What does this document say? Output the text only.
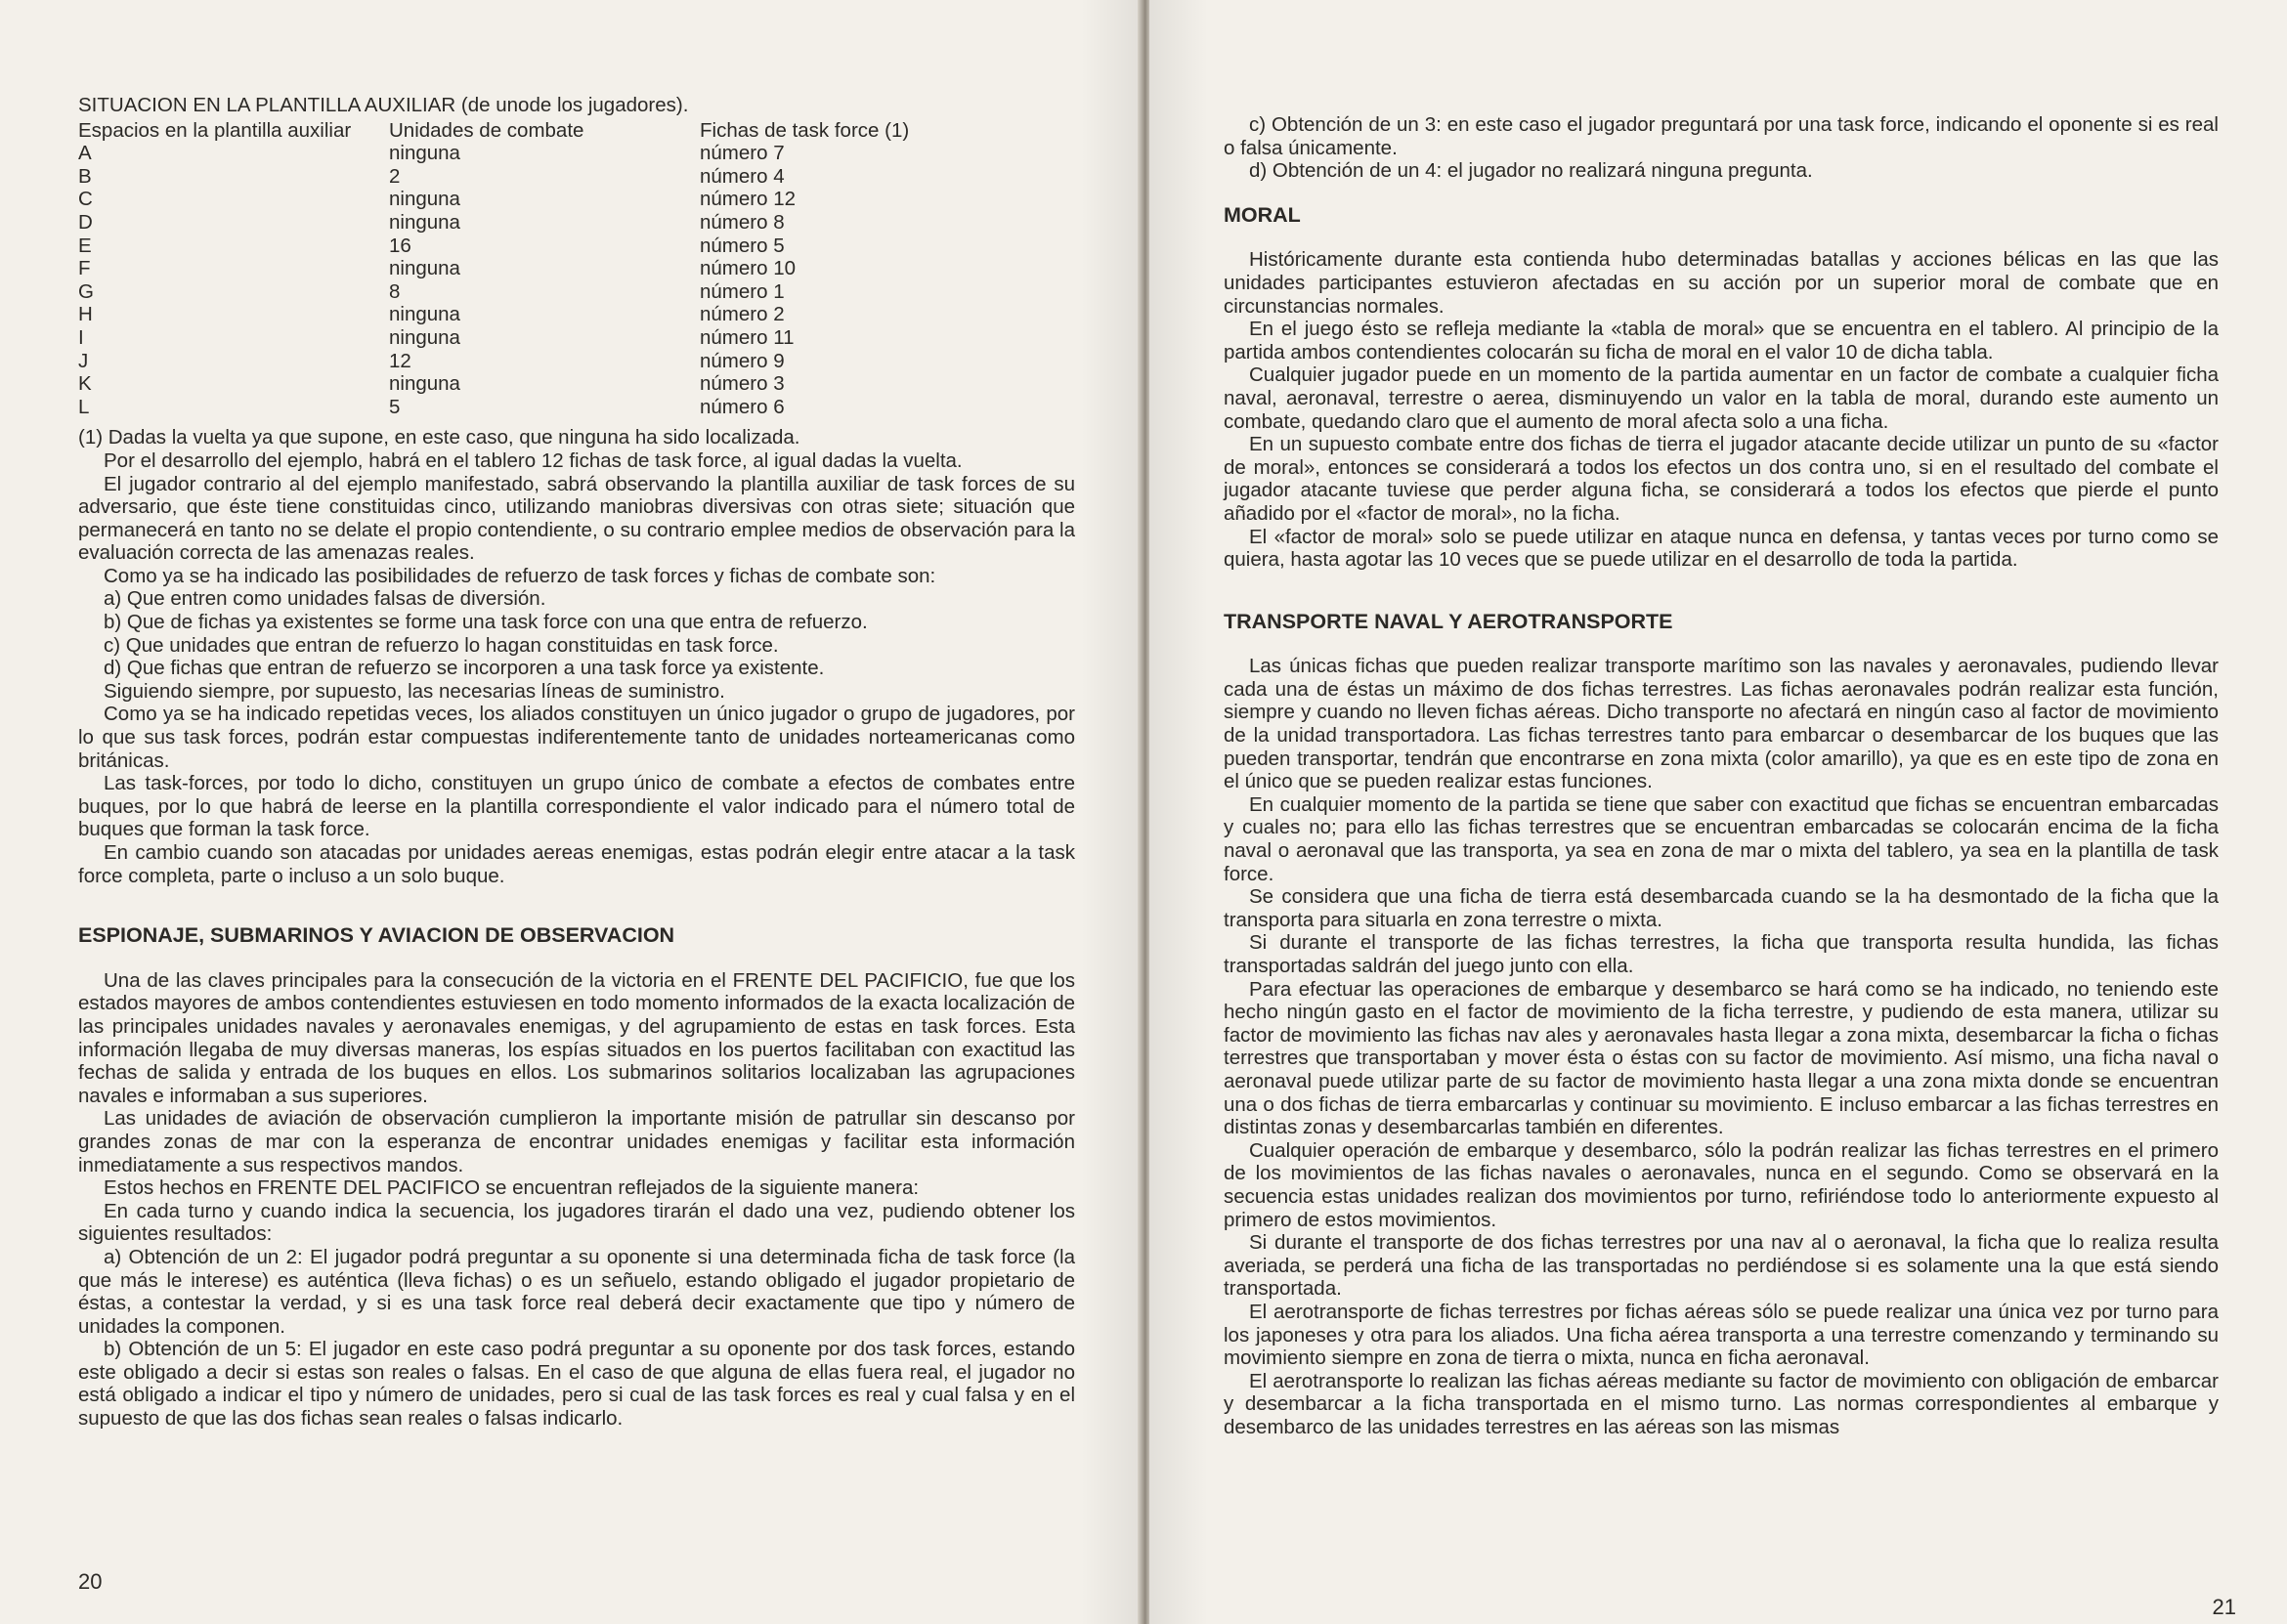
SITUACION EN LA PLANTILLA AUXILIAR (de unode los jugadores).

Espacios en la plantilla auxiliar	Unidades de combate	Fichas de task force (1)
A	ninguna	número 7
B	2	número 4
C	ninguna	número 12
D	ninguna	número 8
E	16	número 5
F	ninguna	número 10
G	8	número 1
H	ninguna	número 2
I	ninguna	número 11
J	12	número 9
K	ninguna	número 3
L	5	número 6

(1) Dadas la vuelta ya que supone, en este caso, que ninguna ha sido localizada.

Por el desarrollo del ejemplo, habrá en el tablero 12 fichas de task force, al igual dadas la vuelta.

El jugador contrario al del ejemplo manifestado, sabrá observando la plantilla auxiliar de task forces de su adversario, que éste tiene constituidas cinco, utilizando maniobras diversivas con otras siete; situación que permanecerá en tanto no se delate el propio contendiente, o su contrario emplee medios de observación para la evaluación correcta de las amenazas reales.

Como ya se ha indicado las posibilidades de refuerzo de task forces y fichas de combate son:

a) Que entren como unidades falsas de diversión.

b) Que de fichas ya existentes se forme una task force con una que entra de refuerzo.

c) Que unidades que entran de refuerzo lo hagan constituidas en task force.

d) Que fichas que entran de refuerzo se incorporen a una task force ya existente.

Siguiendo siempre, por supuesto, las necesarias líneas de suministro.

Como ya se ha indicado repetidas veces, los aliados constituyen un único jugador o grupo de jugadores, por lo que sus task forces, podrán estar compuestas indiferentemente tanto de unidades norteamericanas como británicas.

Las task-forces, por todo lo dicho, constituyen un grupo único de combate a efectos de combates entre buques, por lo que habrá de leerse en la plantilla correspondiente el valor indicado para el número total de buques que forman la task force.

En cambio cuando son atacadas por unidades aereas enemigas, estas podrán elegir entre atacar a la task force completa, parte o incluso a un solo buque.

ESPIONAJE, SUBMARINOS Y AVIACION DE OBSERVACION

Una de las claves principales para la consecución de la victoria en el FRENTE DEL PACIFICIO, fue que los estados mayores de ambos contendientes estuviesen en todo momento informados de la exacta localización de las principales unidades navales y aeronavales enemigas, y del agrupamiento de estas en task forces. Esta información llegaba de muy diversas maneras, los espías situados en los puertos facilitaban con exactitud las fechas de salida y entrada de los buques en ellos. Los submarinos solitarios localizaban las agrupaciones navales e informaban a sus superiores.

Las unidades de aviación de observación cumplieron la importante misión de patrullar sin descanso por grandes zonas de mar con la esperanza de encontrar unidades enemigas y facilitar esta información inmediatamente a sus respectivos mandos.

Estos hechos en FRENTE DEL PACIFICO se encuentran reflejados de la siguiente manera:

En cada turno y cuando indica la secuencia, los jugadores tirarán el dado una vez, pudiendo obtener los siguientes resultados:

a) Obtención de un 2: El jugador podrá preguntar a su oponente si una determinada ficha de task force (la que más le interese) es auténtica (lleva fichas) o es un señuelo, estando obligado el jugador propietario de éstas, a contestar la verdad, y si es una task force real deberá decir exactamente que tipo y número de unidades la componen.

b) Obtención de un 5: El jugador en este caso podrá preguntar a su oponente por dos task forces, estando este obligado a decir si estas son reales o falsas. En el caso de que alguna de ellas fuera real, el jugador no está obligado a indicar el tipo y número de unidades, pero si cual de las task forces es real y cual falsa y en el supuesto de que las dos fichas sean reales o falsas indicarlo.

20

c) Obtención de un 3: en este caso el jugador preguntará por una task force, indicando el oponente si es real o falsa únicamente.

d) Obtención de un 4: el jugador no realizará ninguna pregunta.

MORAL

Históricamente durante esta contienda hubo determinadas batallas y acciones bélicas en las que las unidades participantes estuvieron afectadas en su acción por un superior moral de combate que en circunstancias normales.

En el juego ésto se refleja mediante la «tabla de moral» que se encuentra en el tablero. Al principio de la partida ambos contendientes colocarán su ficha de moral en el valor 10 de dicha tabla.

Cualquier jugador puede en un momento de la partida aumentar en un factor de combate a cualquier ficha naval, aeronaval, terrestre o aerea, disminuyendo un valor en la tabla de moral, durando este aumento un combate, quedando claro que el aumento de moral afecta solo a una ficha.

En un supuesto combate entre dos fichas de tierra el jugador atacante decide utilizar un punto de su «factor de moral», entonces se considerará a todos los efectos un dos contra uno, si en el resultado del combate el jugador atacante tuviese que perder alguna ficha, se considerará a todos los efectos que pierde el punto añadido por el «factor de moral», no la ficha.

El «factor de moral» solo se puede utilizar en ataque nunca en defensa, y tantas veces por turno como se quiera, hasta agotar las 10 veces que se puede utilizar en el desarrollo de toda la partida.

TRANSPORTE NAVAL Y AEROTRANSPORTE

Las únicas fichas que pueden realizar transporte marítimo son las navales y aeronavales, pudiendo llevar cada una de éstas un máximo de dos fichas terrestres. Las fichas aeronavales podrán realizar esta función, siempre y cuando no lleven fichas aéreas. Dicho transporte no afectará en ningún caso al factor de movimiento de la unidad transportadora. Las fichas terrestres tanto para embarcar o desembarcar de los buques que las pueden transportar, tendrán que encontrarse en zona mixta (color amarillo), ya que es en este tipo de zona en el único que se pueden realizar estas funciones.

En cualquier momento de la partida se tiene que saber con exactitud que fichas se encuentran embarcadas y cuales no; para ello las fichas terrestres que se encuentran embarcadas se colocarán encima de la ficha naval o aeronaval que las transporta, ya sea en zona de mar o mixta del tablero, ya sea en la plantilla de task force.

Se considera que una ficha de tierra está desembarcada cuando se la ha desmontado de la ficha que la transporta para situarla en zona terrestre o mixta.

Si durante el transporte de las fichas terrestres, la ficha que transporta resulta hundida, las fichas transportadas saldrán del juego junto con ella.

Para efectuar las operaciones de embarque y desembarco se hará como se ha indicado, no teniendo este hecho ningún gasto en el factor de movimiento de la ficha terrestre, y pudiendo de esta manera, utilizar su factor de movimiento las fichas nav ales y aeronavales hasta llegar a zona mixta, desembarcar la ficha o fichas terrestres que transportaban y mover ésta o éstas con su factor de movimiento. Así mismo, una ficha naval o aeronaval puede utilizar parte de su factor de movimiento hasta llegar a una zona mixta donde se encuentran una o dos fichas de tierra embarcarlas y continuar su movimiento. E incluso embarcar a las fichas terrestres en distintas zonas y desembarcarlas también en diferentes.

Cualquier operación de embarque y desembarco, sólo la podrán realizar las fichas terrestres en el primero de los movimientos de las fichas navales o aeronavales, nunca en el segundo. Como se observará en la secuencia estas unidades realizan dos movimientos por turno, refiriéndose todo lo anteriormente expuesto al primero de estos movimientos.

Si durante el transporte de dos fichas terrestres por una nav al o aeronaval, la ficha que lo realiza resulta averiada, se perderá una ficha de las transportadas no perdiéndose si es solamente una la que está siendo transportada.

El aerotransporte de fichas terrestres por fichas aéreas sólo se puede realizar una única vez por turno para los japoneses y otra para los aliados. Una ficha aérea transporta a una terrestre comenzando y terminando su movimiento siempre en zona de tierra o mixta, nunca en ficha aeronaval.

El aerotransporte lo realizan las fichas aéreas mediante su factor de movimiento con obligación de embarcar y desembarcar a la ficha transportada en el mismo turno. Las normas correspondientes al embarque y desembarco de las unidades terrestres en las aéreas son las mismas

21
